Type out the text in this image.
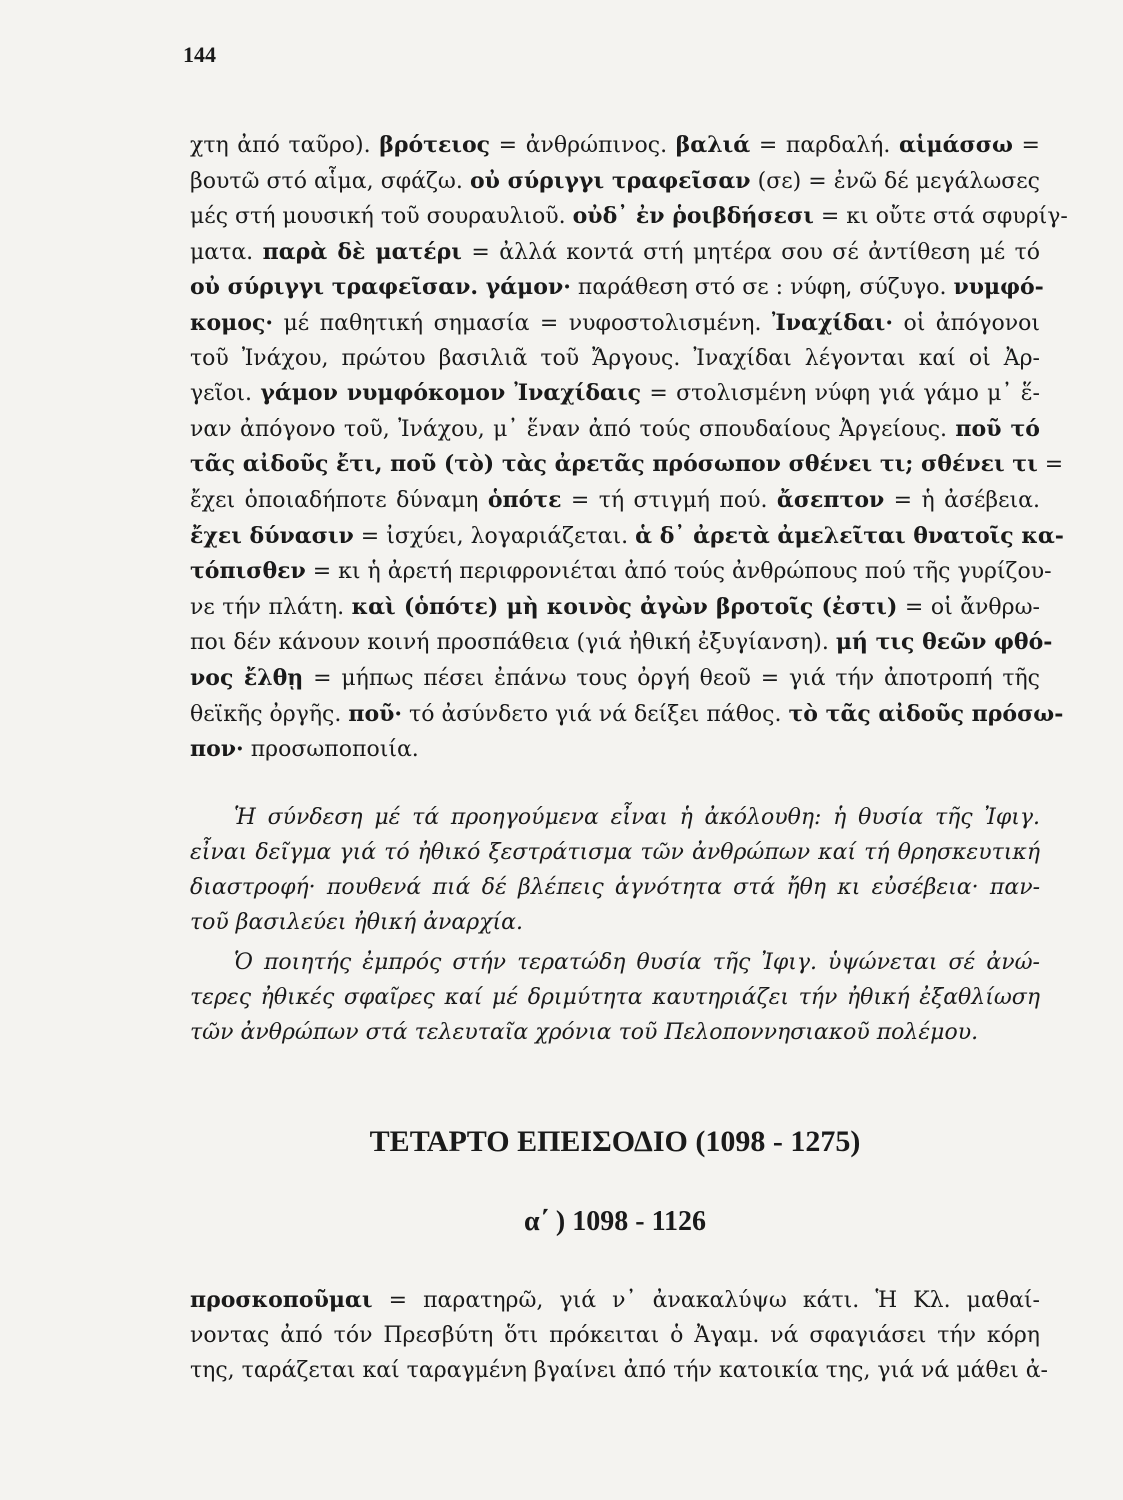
144
χτη ἀπό ταῦρο). βρότειος = ἀνθρώπινος. βαλιά = παρδαλή. αἱμάσσω =
βουτῶ στό αἷμα, σφάζω. οὐ σύριγγι τραφεῖσαν (σε) = ἐνῶ δέ μεγάλωσες
μές στή μουσική τοῦ σουραυλιοῦ. οὐδ᾽ ἐν ῥοιβδήσεσι = κι οὔτε στά σφυρίγ-
ματα. παρὰ δὲ ματέρι = ἀλλά κοντά στή μητέρα σου σέ ἀντίθεση μέ τό
οὐ σύριγγι τραφεῖσαν. γάμον· παράθεση στό σε : νύφη, σύζυγο. νυμφό-
κομος· μέ παθητική σημασία = νυφοστολισμένη. Ἰναχίδαι· οἱ ἀπόγονοι
τοῦ Ἰνάχου, πρώτου βασιλιᾶ τοῦ Ἄργους. Ἰναχίδαι λέγονται καί οἱ Ἀρ-
γεῖοι. γάμον νυμφόκομον Ἰναχίδαις = στολισμένη νύφη γιά γάμο μ᾽ ἕ-
ναν ἀπόγονο τοῦ, Ἰνάχου, μ᾽ ἕναν ἀπό τούς σπουδαίους Ἀργείους. ποῦ τό
τᾶς αἰδοῦς ἔτι, ποῦ (τὸ) τὰς ἀρετᾶς πρόσωπον σθένει τι; σθένει τι =
ἔχει ὁποιαδήποτε δύναμη ὁπότε = τή στιγμή πού. ἄσεπτον = ἡ ἀσέβεια.
ἔχει δύνασιν = ἰσχύει, λογαριάζεται. ἁ δ᾽ ἀρετὰ ἀμελεῖται θνατοῖς κα-
τόπισθεν = κι ἡ ἀρετή περιφρονιέται ἀπό τούς ἀνθρώπους πού τῆς γυρίζου-
νε τήν πλάτη. καὶ (ὁπότε) μὴ κοινὸς ἀγὼν βροτοῖς (ἐστι) = οἱ ἄνθρω-
ποι δέν κάνουν κοινή προσπάθεια (γιά ἠθική ἐξυγίανση). μή τις θεῶν φθό-
νος ἔλθῃ = μήπως πέσει ἐπάνω τους ὀργή θεοῦ = γιά τήν ἀποτροπή τῆς
θεϊκῆς ὀργῆς. ποῦ· τό ἀσύνδετο γιά νά δείξει πάθος. τὸ τᾶς αἰδοῦς πρόσω-
πον· προσωποποιία.
Ἡ σύνδεση μέ τά προηγούμενα εἶναι ἡ ἀκόλουθη: ἡ θυσία τῆς Ἰφιγ.
εἶναι δεῖγμα γιά τό ἠθικό ξεστράτισμα τῶν ἀνθρώπων καί τή θρησκευτική
διαστροφή· πουθενά πιά δέ βλέπεις ἁγνότητα στά ἤθη κι εὐσέβεια· παν-
τοῦ βασιλεύει ἠθική ἀναρχία.
Ὁ ποιητής ἐμπρός στήν τερατώδη θυσία τῆς Ἰφιγ. ὑψώνεται σέ ἀνώ-
τερες ἠθικές σφαῖρες καί μέ δριμύτητα καυτηριάζει τήν ἠθική ἐξαθλίωση
τῶν ἀνθρώπων στά τελευταῖα χρόνια τοῦ Πελοποννησιακοῦ πολέμου.
ΤΕΤΑΡΤΟ ΕΠΕΙΣΟΔΙΟ (1098 - 1275)
α΄ ) 1098 - 1126
προσκοποῦμαι = παρατηρῶ, γιά ν᾽ ἀνακαλύψω κάτι. Ἡ Κλ. μαθαί-
νοντας ἀπό τόν Πρεσβύτη ὅτι πρόκειται ὁ Ἀγαμ. νά σφαγιάσει τήν κόρη
της, ταράζεται καί ταραγμένη βγαίνει ἀπό τήν κατοικία της, γιά νά μάθει ἀ-
